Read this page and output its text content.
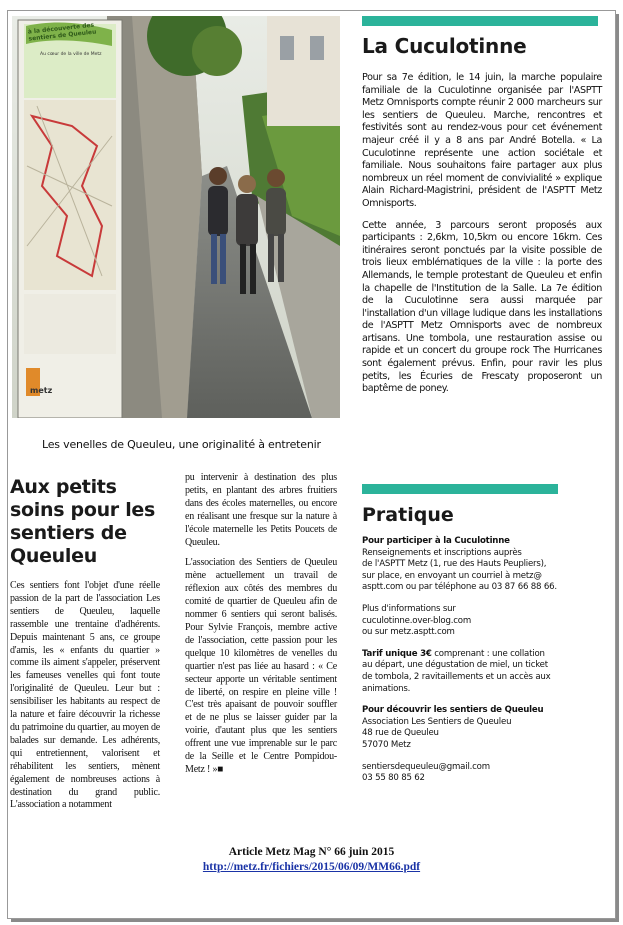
à la découverte des sentiers de Queuleu
Au cœur de la ville de Metz
metz
Les venelles de Queuleu, une originalité à entretenir
La Cuculotinne

Pour sa 7e édition, le 14 juin, la marche populaire familiale de la Cuculotinne organisée par l'ASPTT Metz Omnisports compte réunir 2 000 marcheurs sur les sentiers de Queuleu. Marche, rencontres et festivités sont au rendez-vous pour cet événement majeur créé il y a 8 ans par André Botella. « La Cuculotinne représente une action sociétale et familiale. Nous souhaitons faire partager aux plus nombreux un réel moment de convivialité » explique Alain Richard-Magistrini, président de l'ASPTT Metz Omnisports.

Cette année, 3 parcours seront proposés aux participants : 2,6km, 10,5km ou encore 16km. Ces itinéraires seront ponctués par la visite possible de trois lieux emblématiques de la ville : la porte des Allemands, le temple protestant de Queuleu et enfin la chapelle de l'Institution de la Salle. La 7e édition de la Cuculotinne sera aussi marquée par l'installation d'un village ludique dans les installations de l'ASPTT Metz Omnisports avec de nombreux artisans. Une tombola, une restauration assise ou rapide et un concert du groupe rock The Hurricanes sont également prévus. Enfin, pour ravir les plus petits, les Écuries de Frescaty proposeront un baptême de poney.

Aux petits soins pour les sentiers de Queuleu
Ces sentiers font l'objet d'une réelle passion de la part de l'association Les sentiers de Queuleu, laquelle rassemble une trentaine d'adhérents. Depuis maintenant 5 ans, ce groupe d'amis, les « enfants du quartier » comme ils aiment s'appeler, préservent les fameuses venelles qui font toute l'originalité de Queuleu. Leur but : sensibiliser les habitants au respect de la nature et faire découvrir la richesse du patrimoine du quartier, au moyen de balades sur demande. Les adhérents, qui entretiennent, valorisent et réhabilitent les sentiers, mènent également de nombreuses actions à destination du grand public. L'association a notamment

pu intervenir à destination des plus petits, en plantant des arbres fruitiers dans des écoles maternelles, ou encore en réalisant une fresque sur la nature à l'école maternelle les Petits Poucets de Queuleu.

L'association des Sentiers de Queuleu mène actuellement un travail de réflexion aux côtés des membres du comité de quartier de Queuleu afin de nommer 6 sentiers qui seront balisés. Pour Sylvie François, membre active de l'association, cette passion pour les quelque 10 kilomètres de venelles du quartier n'est pas liée au hasard : « Ce secteur apporte un véritable sentiment de liberté, on respire en pleine ville ! C'est très apaisant de pouvoir souffler et de ne plus se laisser guider par la voirie, d'autant plus que les sentiers offrent une vue imprenable sur le parc de la Seille et le Centre Pompidou-Metz ! »■

Pratique
Pour participer à la Cuculotinne
Renseignements et inscriptions auprès
de l'ASPTT Metz (1, rue des Hauts Peupliers),
sur place, en envoyant un courriel à metz@
asptt.com ou par téléphone au 03 87 66 88 66.
Plus d'informations sur
cuculotinne.over-blog.com
ou sur metz.asptt.com
Tarif unique 3€ comprenant : une collation
au départ, une dégustation de miel, un ticket
de tombola, 2 ravitaillements et un accès aux
animations.
Pour découvrir les sentiers de Queuleu
Association Les Sentiers de Queuleu
48 rue de Queuleu
57070 Metz
sentiersdequeuleu@gmail.com
03 55 80 85 62
Article Metz Mag N° 66 juin 2015
http://metz.fr/fichiers/2015/06/09/MM66.pdf
